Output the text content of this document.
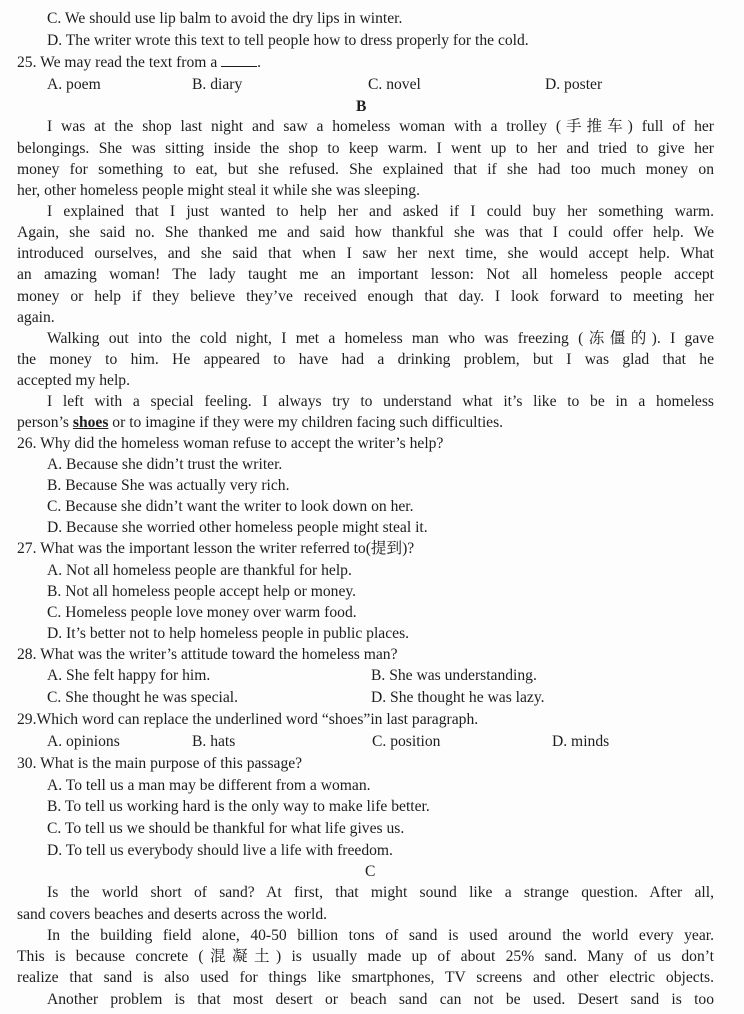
C. We should use lip balm to avoid the dry lips in winter.
D. The writer wrote this text to tell people how to dress properly for the cold.
25. We may read the text from a .
A. poem	B. diary	C. novel	D. poster
B
I was at the shop last night and saw a homeless woman with a trolley (手推车) full of her
belongings. She was sitting inside the shop to keep warm. I went up to her and tried to give her
money for something to eat, but she refused. She explained that if she had too much money on
her, other homeless people might steal it while she was sleeping.
I explained that I just wanted to help her and asked if I could buy her something warm.
Again, she said no. She thanked me and said how thankful she was that I could offer help. We
introduced ourselves, and she said that when I saw her next time, she would accept help. What
an amazing woman! The lady taught me an important lesson: Not all homeless people accept
money or help if they believe they’ve received enough that day. I look forward to meeting her
again.
Walking out into the cold night, I met a homeless man who was freezing (冻僵的). I gave
the money to him. He appeared to have had a drinking problem, but I was glad that he
accepted my help.
I left with a special feeling. I always try to understand what it’s like to be in a homeless
person’s shoes or to imagine if they were my children facing such difficulties.
26. Why did the homeless woman refuse to accept the writer’s help?
A. Because she didn’t trust the writer.
B. Because She was actually very rich.
C. Because she didn’t want the writer to look down on her.
D. Because she worried other homeless people might steal it.
27. What was the important lesson the writer referred to(提到)?
A. Not all homeless people are thankful for help.
B. Not all homeless people accept help or money.
C. Homeless people love money over warm food.
D. It’s better not to help homeless people in public places.
28. What was the writer’s attitude toward the homeless man?
A. She felt happy for him.	B. She was understanding.
C. She thought he was special.	D. She thought he was lazy.
29.Which word can replace the underlined word “shoes”in last paragraph.
A. opinions	B. hats	C. position	D. minds
30. What is the main purpose of this passage?
A. To tell us a man may be different from a woman.
B. To tell us working hard is the only way to make life better.
C. To tell us we should be thankful for what life gives us.
D. To tell us everybody should live a life with freedom.
C
Is the world short of sand? At first, that might sound like a strange question. After all,
sand covers beaches and deserts across the world.
In the building field alone, 40-50 billion tons of sand is used around the world every year.
This is because concrete (混凝土) is usually made up of about 25% sand. Many of us don’t
realize that sand is also used for things like smartphones, TV screens and other electric objects.
Another problem is that most desert or beach sand can not be used. Desert sand is too
